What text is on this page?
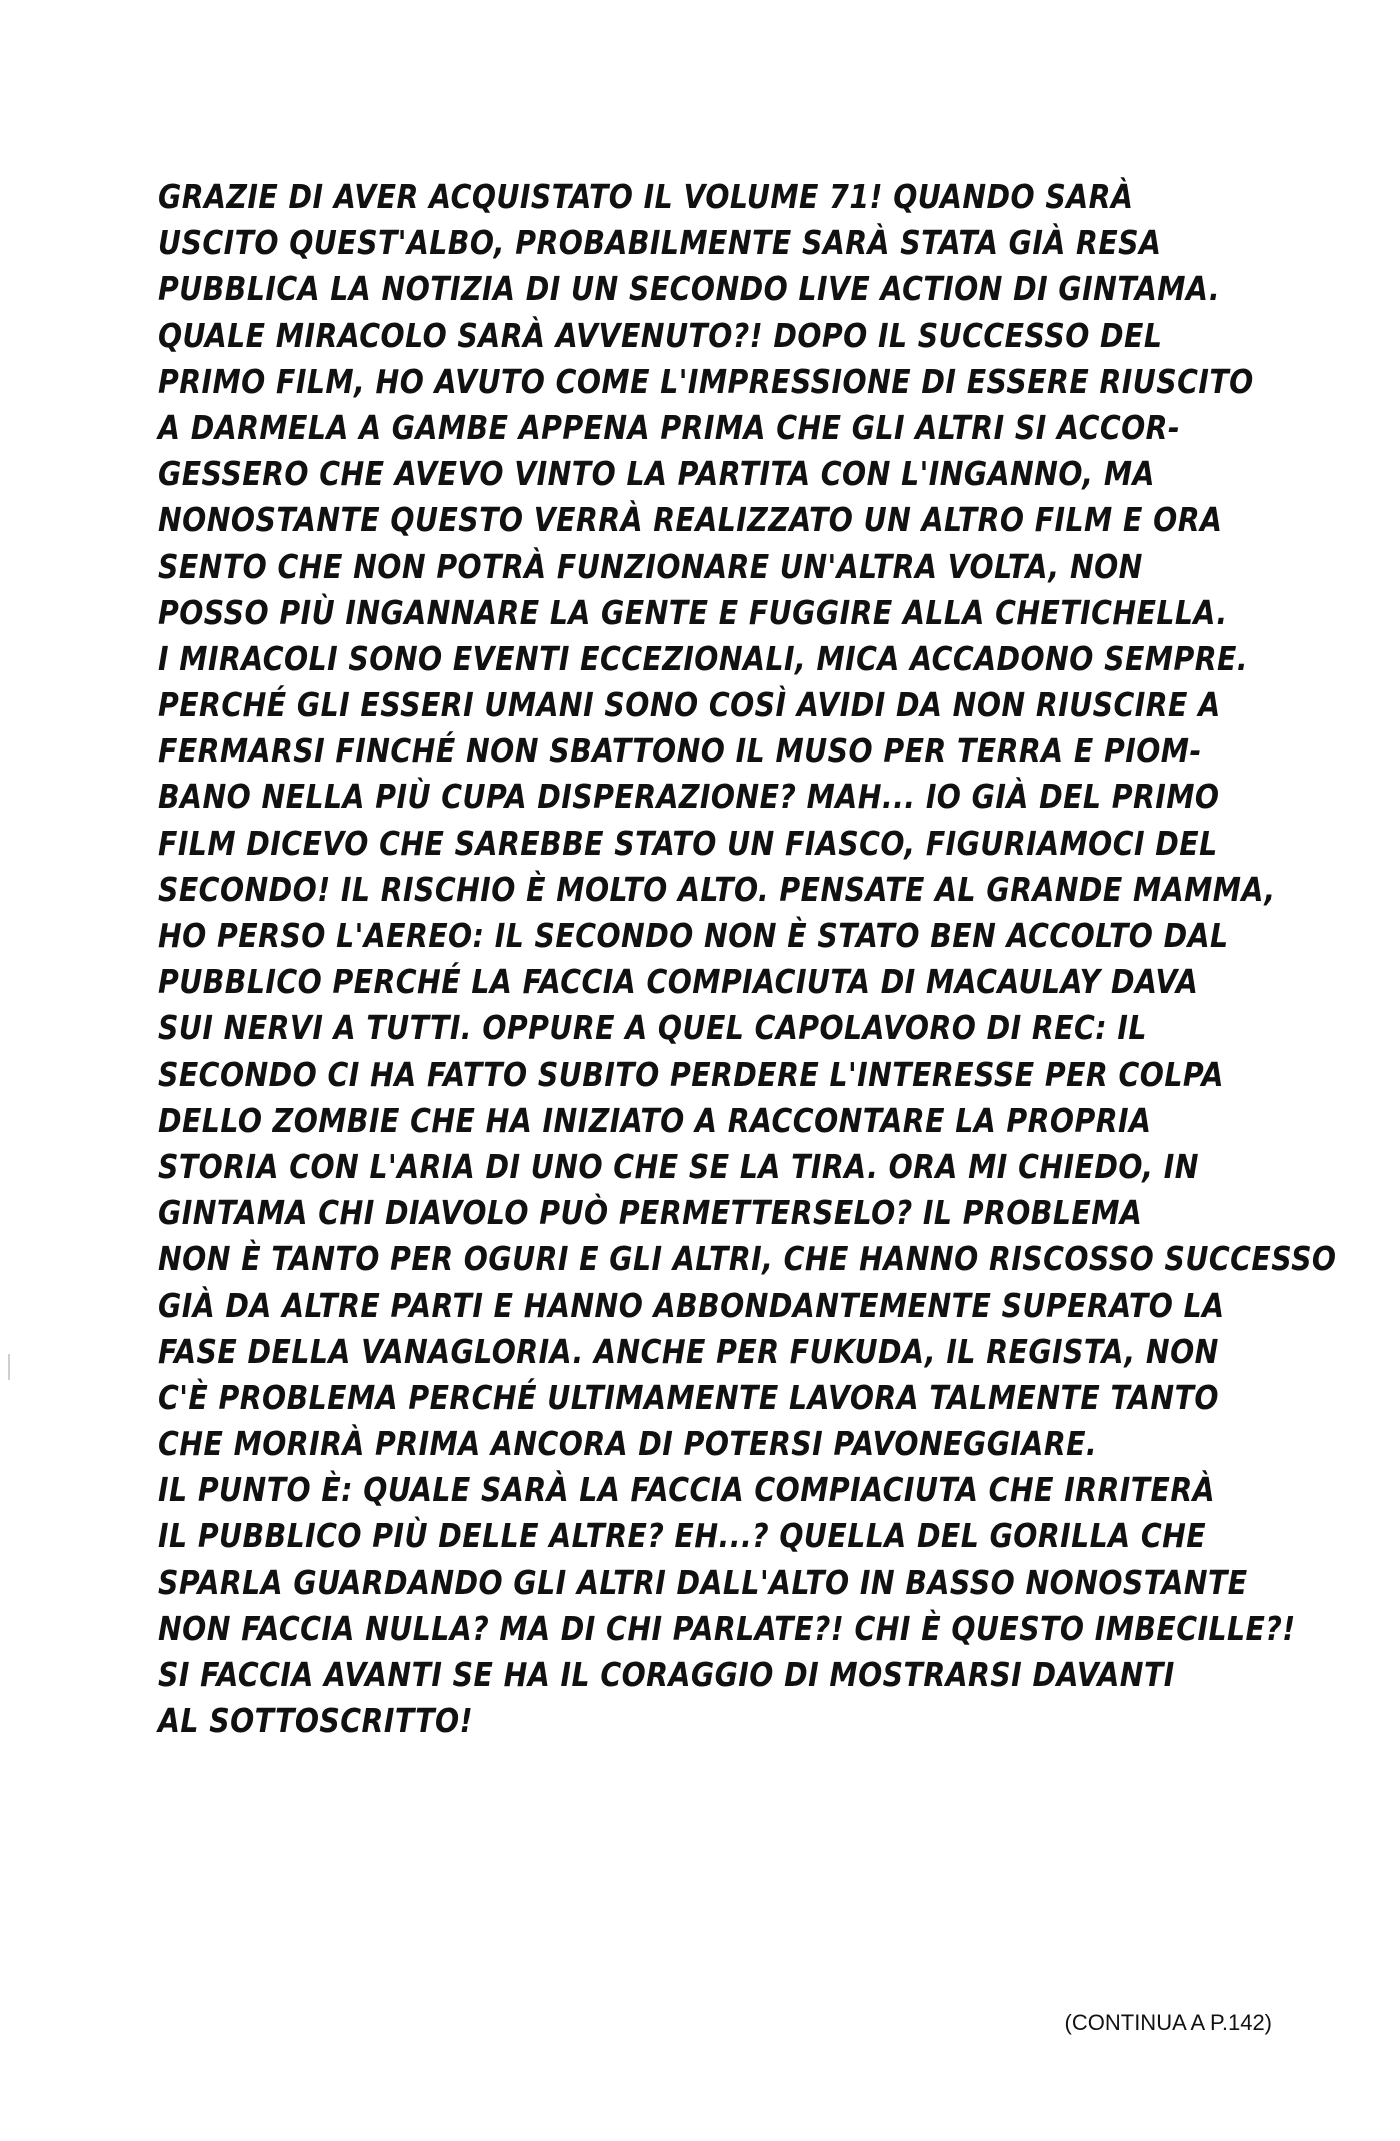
GRAZIE DI AVER ACQUISTATO IL VOLUME 71! QUANDO SARÀ
USCITO QUEST'ALBO, PROBABILMENTE SARÀ STATA GIÀ RESA
PUBBLICA LA NOTIZIA DI UN SECONDO LIVE ACTION DI GINTAMA.
QUALE MIRACOLO SARÀ AVVENUTO?! DOPO IL SUCCESSO DEL
PRIMO FILM, HO AVUTO COME L'IMPRESSIONE DI ESSERE RIUSCITO
A DARMELA A GAMBE APPENA PRIMA CHE GLI ALTRI SI ACCOR-
GESSERO CHE AVEVO VINTO LA PARTITA CON L'INGANNO, MA
NONOSTANTE QUESTO VERRÀ REALIZZATO UN ALTRO FILM E ORA
SENTO CHE NON POTRÀ FUNZIONARE UN'ALTRA VOLTA, NON
POSSO PIÙ INGANNARE LA GENTE E FUGGIRE ALLA CHETICHELLA.
I MIRACOLI SONO EVENTI ECCEZIONALI, MICA ACCADONO SEMPRE.
PERCHÉ GLI ESSERI UMANI SONO COSÌ AVIDI DA NON RIUSCIRE A
FERMARSI FINCHÉ NON SBATTONO IL MUSO PER TERRA E PIOM-
BANO NELLA PIÙ CUPA DISPERAZIONE? MAH... IO GIÀ DEL PRIMO
FILM DICEVO CHE SAREBBE STATO UN FIASCO, FIGURIAMOCI DEL
SECONDO! IL RISCHIO È MOLTO ALTO. PENSATE AL GRANDE MAMMA,
HO PERSO L'AEREO: IL SECONDO NON È STATO BEN ACCOLTO DAL
PUBBLICO PERCHÉ LA FACCIA COMPIACIUTA DI MACAULAY DAVA
SUI NERVI A TUTTI. OPPURE A QUEL CAPOLAVORO DI REC: IL
SECONDO CI HA FATTO SUBITO PERDERE L'INTERESSE PER COLPA
DELLO ZOMBIE CHE HA INIZIATO A RACCONTARE LA PROPRIA
STORIA CON L'ARIA DI UNO CHE SE LA TIRA. ORA MI CHIEDO, IN
GINTAMA CHI DIAVOLO PUÒ PERMETTERSELO? IL PROBLEMA
NON È TANTO PER OGURI E GLI ALTRI, CHE HANNO RISCOSSO SUCCESSO
GIÀ DA ALTRE PARTI E HANNO ABBONDANTEMENTE SUPERATO LA
FASE DELLA VANAGLORIA. ANCHE PER FUKUDA, IL REGISTA, NON
C'È PROBLEMA PERCHÉ ULTIMAMENTE LAVORA TALMENTE TANTO
CHE MORIRÀ PRIMA ANCORA DI POTERSI PAVONEGGIARE.
IL PUNTO È: QUALE SARÀ LA FACCIA COMPIACIUTA CHE IRRITERÀ
IL PUBBLICO PIÙ DELLE ALTRE? EH...? QUELLA DEL GORILLA CHE
SPARLA GUARDANDO GLI ALTRI DALL'ALTO IN BASSO NONOSTANTE
NON FACCIA NULLA? MA DI CHI PARLATE?! CHI È QUESTO IMBECILLE?!
SI FACCIA AVANTI SE HA IL CORAGGIO DI MOSTRARSI DAVANTI
AL SOTTOSCRITTO!
(CONTINUA A P.142)
